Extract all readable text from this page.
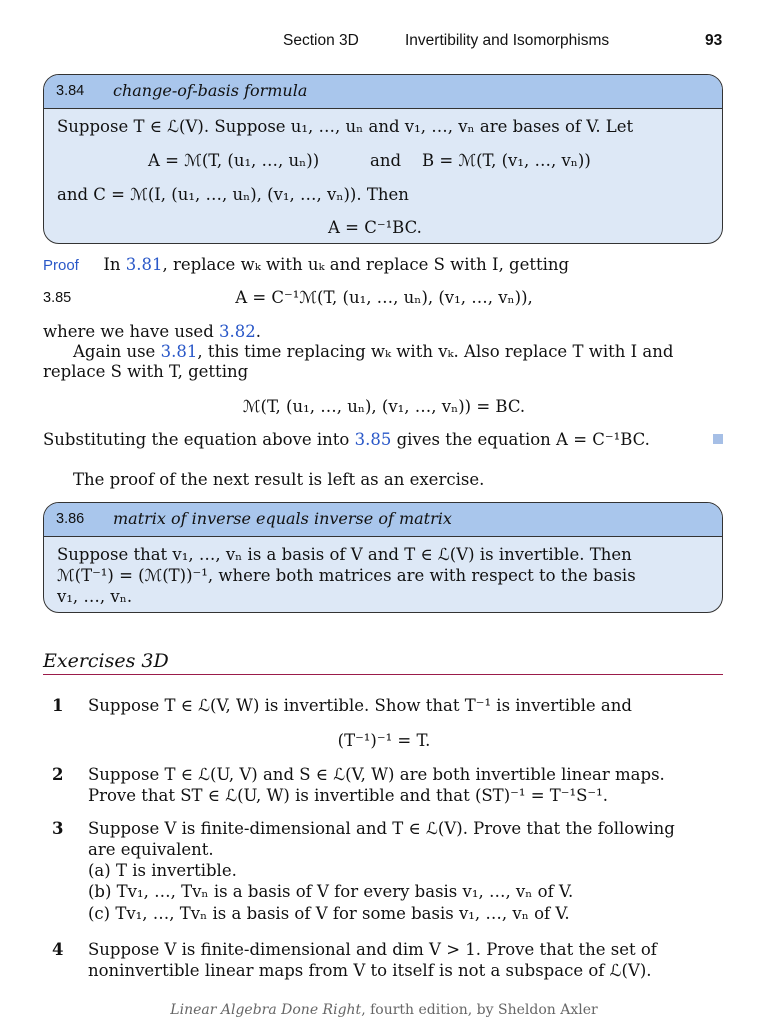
Section 3D	Invertibility and Isomorphisms	93
3.84 change-of-basis formula
Suppose T ∈ ℒ(V). Suppose u₁, …, uₙ and v₁, …, vₙ are bases of V. Let
A = ℳ(T, (u₁, …, uₙ))	and B = ℳ(T, (v₁, …, vₙ))
and C = ℳ(I, (u₁, …, uₙ), (v₁, …, vₙ)). Then
A = C⁻¹BC.
Proof In 3.81, replace wₖ with uₖ and replace S with I, getting
3.85	A = C⁻¹ℳ(T, (u₁, …, uₙ), (v₁, …, vₙ)),
where we have used 3.82.
Again use 3.81, this time replacing wₖ with vₖ. Also replace T with I and
replace S with T, getting
ℳ(T, (u₁, …, uₙ), (v₁, …, vₙ)) = BC.
Substituting the equation above into 3.85 gives the equation A = C⁻¹BC.
The proof of the next result is left as an exercise.
3.86 matrix of inverse equals inverse of matrix
Suppose that v₁, …, vₙ is a basis of V and T ∈ ℒ(V) is invertible. Then
ℳ(T⁻¹) = (ℳ(T))⁻¹, where both matrices are with respect to the basis
v₁, …, vₙ.
Exercises 3D
1 Suppose T ∈ ℒ(V, W) is invertible. Show that T⁻¹ is invertible and
(T⁻¹)⁻¹ = T.
2 Suppose T ∈ ℒ(U, V) and S ∈ ℒ(V, W) are both invertible linear maps.
Prove that ST ∈ ℒ(U, W) is invertible and that (ST)⁻¹ = T⁻¹S⁻¹.
3 Suppose V is finite-dimensional and T ∈ ℒ(V). Prove that the following
are equivalent.
(a) T is invertible.
(b) Tv₁, …, Tvₙ is a basis of V for every basis v₁, …, vₙ of V.
(c) Tv₁, …, Tvₙ is a basis of V for some basis v₁, …, vₙ of V.
4 Suppose V is finite-dimensional and dim V > 1. Prove that the set of
noninvertible linear maps from V to itself is not a subspace of ℒ(V).
Linear Algebra Done Right, fourth edition, by Sheldon Axler
